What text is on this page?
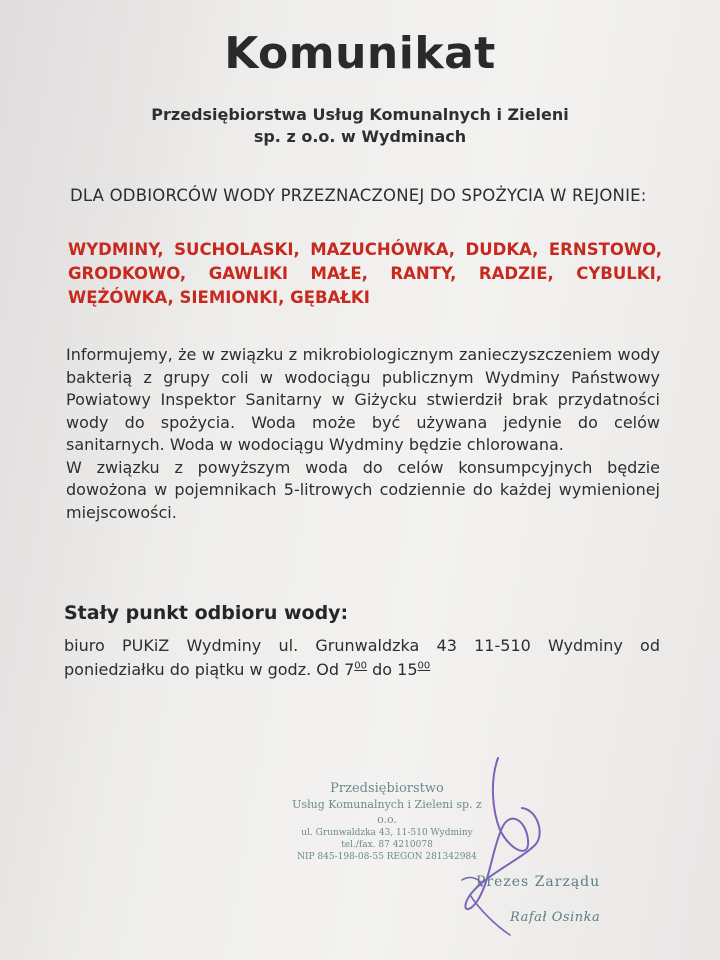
Komunikat
Przedsiębiorstwa Usług Komunalnych i Zieleni
sp. z o.o. w Wydminach
DLA ODBIORCÓW WODY PRZEZNACZONEJ DO SPOŻYCIA W REJONIE:
WYDMINY, SUCHOLASKI, MAZUCHÓWKA, DUDKA, ERNSTOWO, GRODKOWO, GAWLIKI MAŁE, RANTY, RADZIE, CYBULKI, WĘŻÓWKA, SIEMIONKI, GĘBAŁKI

Informujemy, że w związku z mikrobiologicznym zanieczyszczeniem wody bakterią z grupy coli w wodociągu publicznym Wydminy Państwowy Powiatowy Inspektor Sanitarny w Giżycku stwierdził brak przydatności wody do spożycia. Woda może być używana jedynie do celów sanitarnych. Woda w wodociągu Wydminy będzie chlorowana.

W związku z powyższym woda do celów konsumpcyjnych będzie dowożona w pojemnikach 5-litrowych codziennie do każdej wymienionej miejscowości.

Stały punkt odbioru wody:
biuro PUKiZ Wydminy ul. Grunwaldzka 43 11-510 Wydminy od poniedziałku do piątku w godz. Od $7^{00}$ do $15^{00}$
Przedsiębiorstwo
Usług Komunalnych i Zieleni sp. z o.o.
ul. Grunwaldzka 43, 11-510 Wydminy
tel./fax. 87 4210078
NIP 845-198-08-55 REGON 281342984
Prezes Zarządu
Rafał Osinka
